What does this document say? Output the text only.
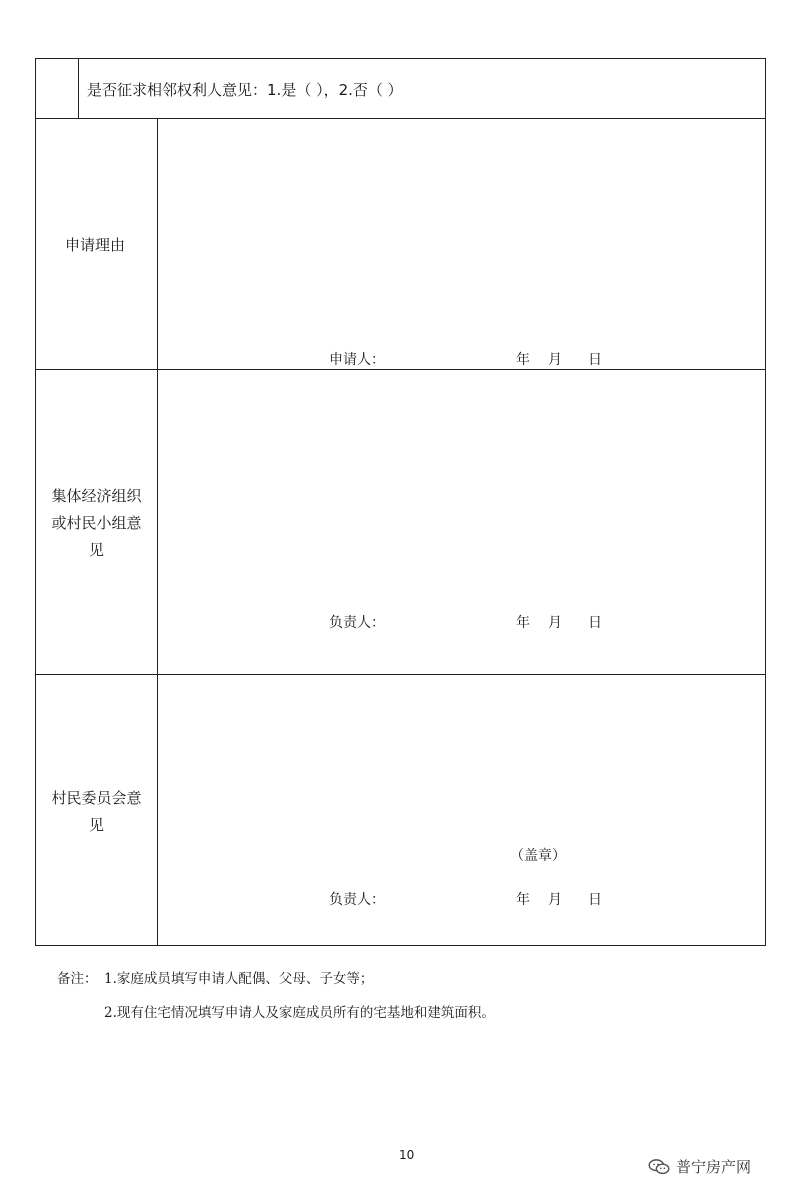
是否征求相邻权利人意见：1.是（ ），2.否（ ）
申请理由
申请人：	年 月 日
集体经济组织或村民小组意见
负责人：	年 月 日
村民委员会意见
（盖章）
负责人：	年 月 日
备注： 1.家庭成员填写申请人配偶、父母、子女等；
2.现有住宅情况填写申请人及家庭成员所有的宅基地和建筑面积。
10
普宁房产网
